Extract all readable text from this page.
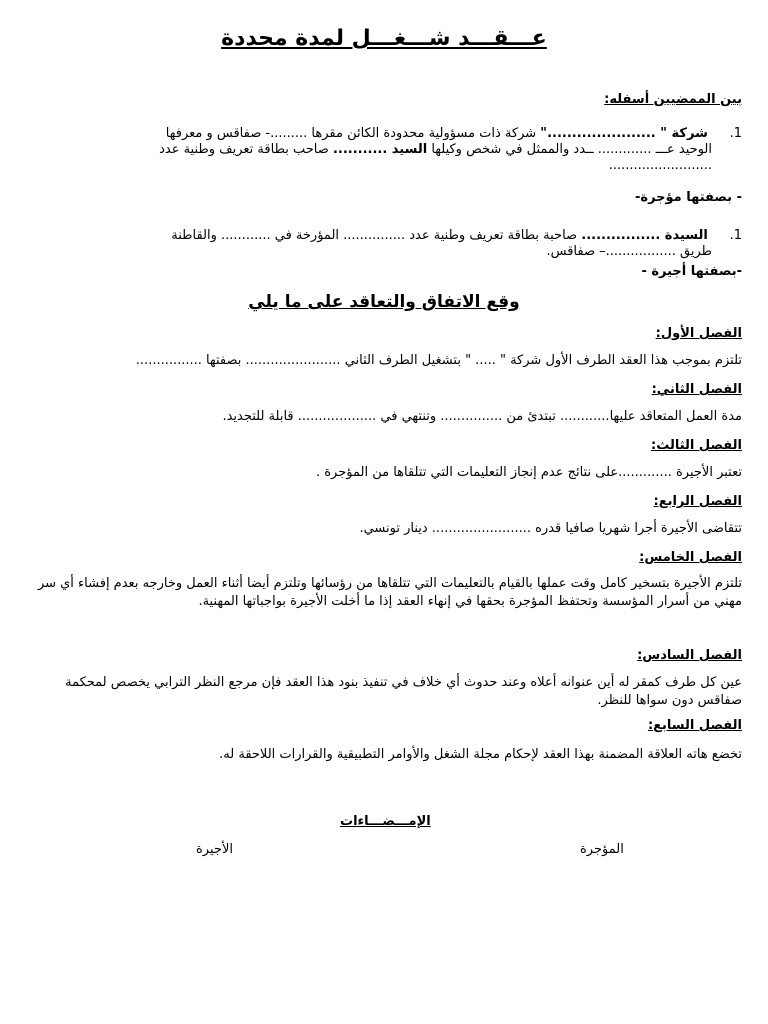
عـــقـــد شـــغـــل لمدة محددة
بين الممضيين أسفله:
1. شركة " ......................" شركة ذات مسؤولية محدودة الكائن مقرها .........- صفاقس و معرفها
الوحيد عـــ ............. ــدد والممثل في شخص وكيلها السيد ........... صاحب بطاقة تعريف وطنية عدد
.........................
- بصفتها مؤجرة-
1. السيدة ................ صاحبة بطاقة تعريف وطنية عدد ............... المؤرخة في ............ والقاطنة
طريق .................– صفاقس.
-بصفتها أجيرة -
وقع الاتفاق والتعاقد على ما يلي
الفصل الأول:
تلتزم بموجب هذا العقد الطرف الأول شركة " ..... " بتشغيل الطرف الثاني ....................... بصفتها ................
الفصل الثاني:
مدة العمل المتعاقد عليها............ تبتدئ من ............... وتنتهي في ................... قابلة للتجديد.
الفصل الثالث:
تعتبر الأجيرة .............على نتائج عدم إنجاز التعليمات التي تتلقاها من المؤجرة .
الفصل الرابع:
تتقاضى الأجيرة أجرا شهريا صافيا قدره ........................ دينار تونسي.
الفصل الخامس:
تلتزم الأجيرة بتسخير كامل وقت عملها بالقيام بالتعليمات التي تتلقاها من رؤسائها وتلتزم أيضا أثناء العمل وخارجه بعدم إفشاء أي سر مهني من أسرار المؤسسة وتحتفظ المؤجرة بحقها في إنهاء العقد إذا ما أخلت الأجيرة بواجباتها المهنية.
الفصل السادس:
عين كل طرف كمقر له أين عنوانه أعلاه وعند حدوث أي خلاف في تنفيذ بنود هذا العقد فإن مرجع النظر الترابي يخصص لمحكمة صفاقس دون سواها للنظر.
الفصل السابع:
تخضع هاته العلاقة المضمنة بهذا العقد لإحكام مجلة الشغل والأوامر التطبيقية والقرارات اللاحقة له.
الإمـــضـــاءات
المؤجرة
الأجيرة
